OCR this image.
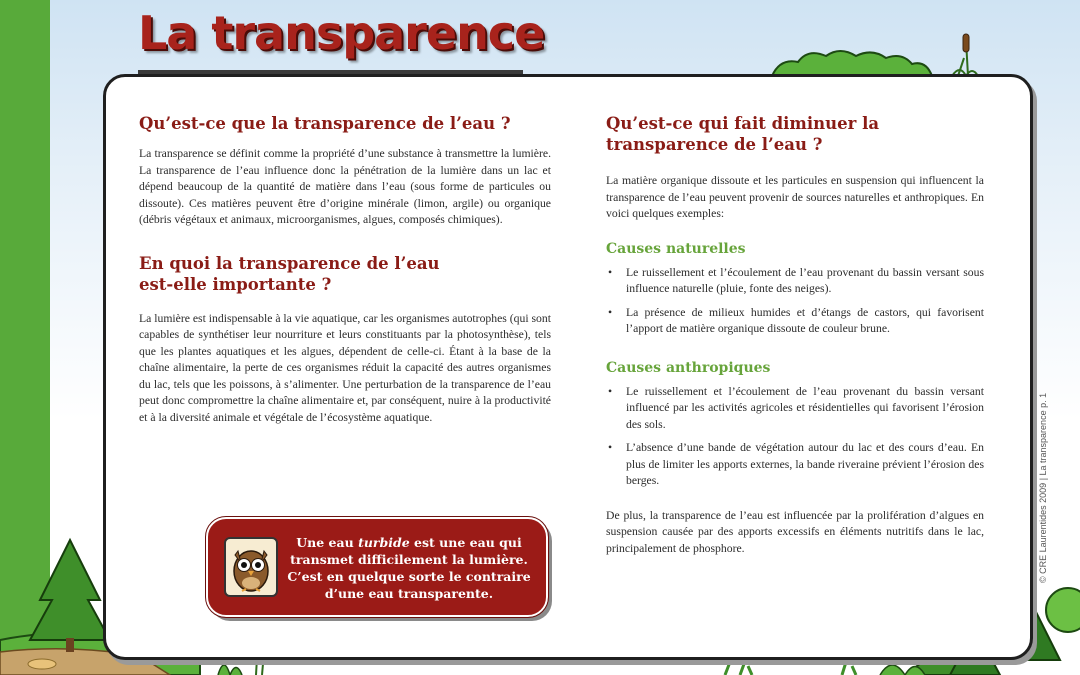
La transparence
Qu’est-ce que la transparence de l’eau ?

La transparence se définit comme la propriété d’une substance à transmettre la lumière. La transparence de l’eau influence donc la pénétration de la lumière dans un lac et dépend beaucoup de la quantité de matière dans l’eau (sous forme de particules ou dissoute). Ces matières peuvent être d’origine minérale (limon, argile) ou organique (débris végétaux et animaux, microorganismes, algues, composés chimiques).

En quoi la transparence de l’eau
est-elle importante ?

La lumière est indispensable à la vie aquatique, car les organismes autotrophes (qui sont capables de synthétiser leur nourriture et leurs constituants par la photosynthèse), tels que les plantes aquatiques et les algues, dépendent de celle-ci. Étant à la base de la chaîne alimentaire, la perte de ces organismes réduit la capacité des autres organismes du lac, tels que les poissons, à s’alimenter. Une perturbation de la transparence de l’eau peut donc compromettre la chaîne alimentaire et, par conséquent, nuire à la productivité et à la diversité animale et végétale de l’écosystème aquatique.

Qu’est-ce qui fait diminuer la
transparence de l’eau ?

La matière organique dissoute et les particules en suspension qui influencent la transparence de l’eau peuvent provenir de sources naturelles et anthropiques. En voici quelques exemples:

Causes naturelles
• Le ruissellement et l’écoulement de l’eau provenant du bassin versant sous influence naturelle (pluie, fonte des neiges).
• La présence de milieux humides et d’étangs de castors, qui favorisent l’apport de matière organique dissoute de couleur brune.
Causes anthropiques
• Le ruissellement et l’écoulement de l’eau provenant du bassin versant influencé par les activités agricoles et résidentielles qui favorisent l’érosion des sols.
• L’absence d’une bande de végétation autour du lac et des cours d’eau. En plus de limiter les apports externes, la bande riveraine prévient l’érosion des berges.

De plus, la transparence de l’eau est influencée par la prolifération d’algues en suspension causée par des apports excessifs en éléments nutritifs dans le lac, principalement de phosphore.

Une eau turbide est une eau qui transmet difficilement la lumière. C’est en quelque sorte le contraire d’une eau transparente.
© CRE Laurentides 2009 | La transparence p. 1
